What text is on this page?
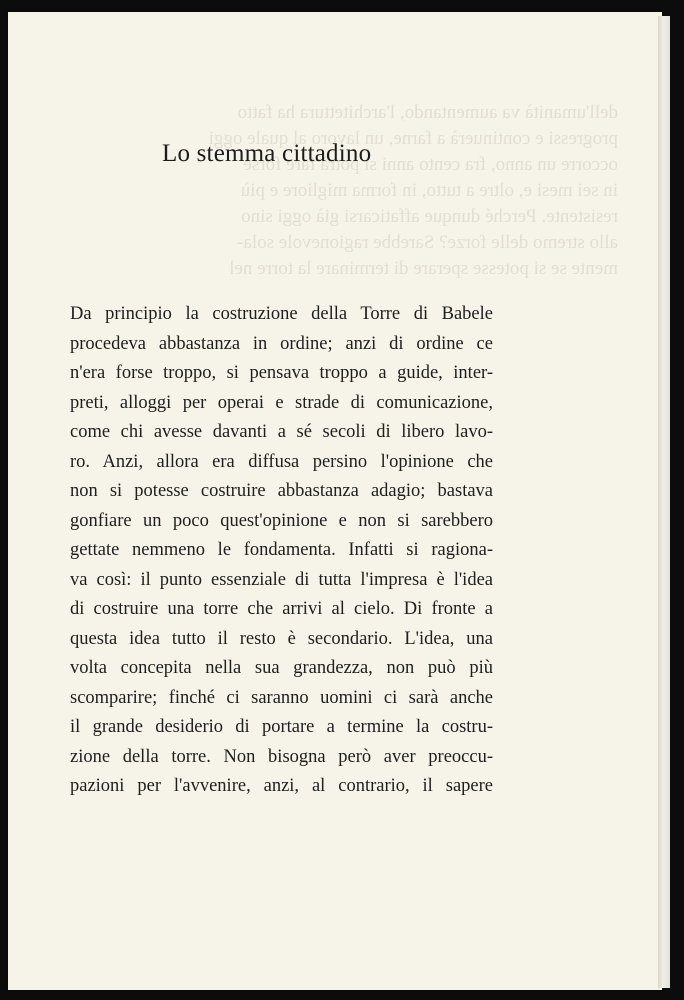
Lo stemma cittadino
Da principio la costruzione della Torre di Babele
procedeva abbastanza in ordine; anzi di ordine ce
n'era forse troppo, si pensava troppo a guide, inter-
preti, alloggi per operai e strade di comunicazione,
come chi avesse davanti a sé secoli di libero lavo-
ro. Anzi, allora era diffusa persino l'opinione che
non si potesse costruire abbastanza adagio; bastava
gonfiare un poco quest'opinione e non si sarebbero
gettate nemmeno le fondamenta. Infatti si ragiona-
va così: il punto essenziale di tutta l'impresa è l'idea
di costruire una torre che arrivi al cielo. Di fronte a
questa idea tutto il resto è secondario. L'idea, una
volta concepita nella sua grandezza, non può più
scomparire; finché ci saranno uomini ci sarà anche
il grande desiderio di portare a termine la costru-
zione della torre. Non bisogna però aver preoccu-
pazioni per l'avvenire, anzi, al contrario, il sapere
